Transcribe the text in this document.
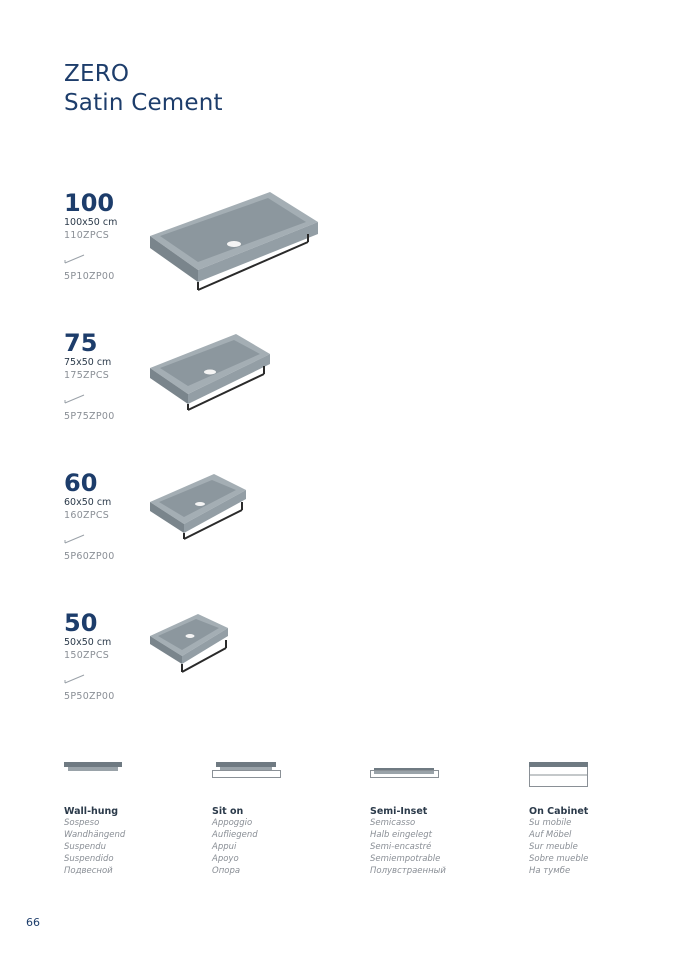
ZERO
Satin Cement
100
100x50 cm
110ZPCS
5P10ZP00
75
75x50 cm
175ZPCS
5P75ZP00
60
60x50 cm
160ZPCS
5P60ZP00
50
50x50 cm
150ZPCS
5P50ZP00
Wall-hung
Sospeso
Wandhängend
Suspendu
Suspendido
Подвесной
Sit on
Appoggio
Aufliegend
Appui
Apoyo
Опора
Semi-Inset
Semicasso
Halb eingelegt
Semi-encastré
Semiempotrable
Полувстраенный
On Cabinet
Su mobile
Auf Möbel
Sur meuble
Sobre mueble
На тумбе
66
